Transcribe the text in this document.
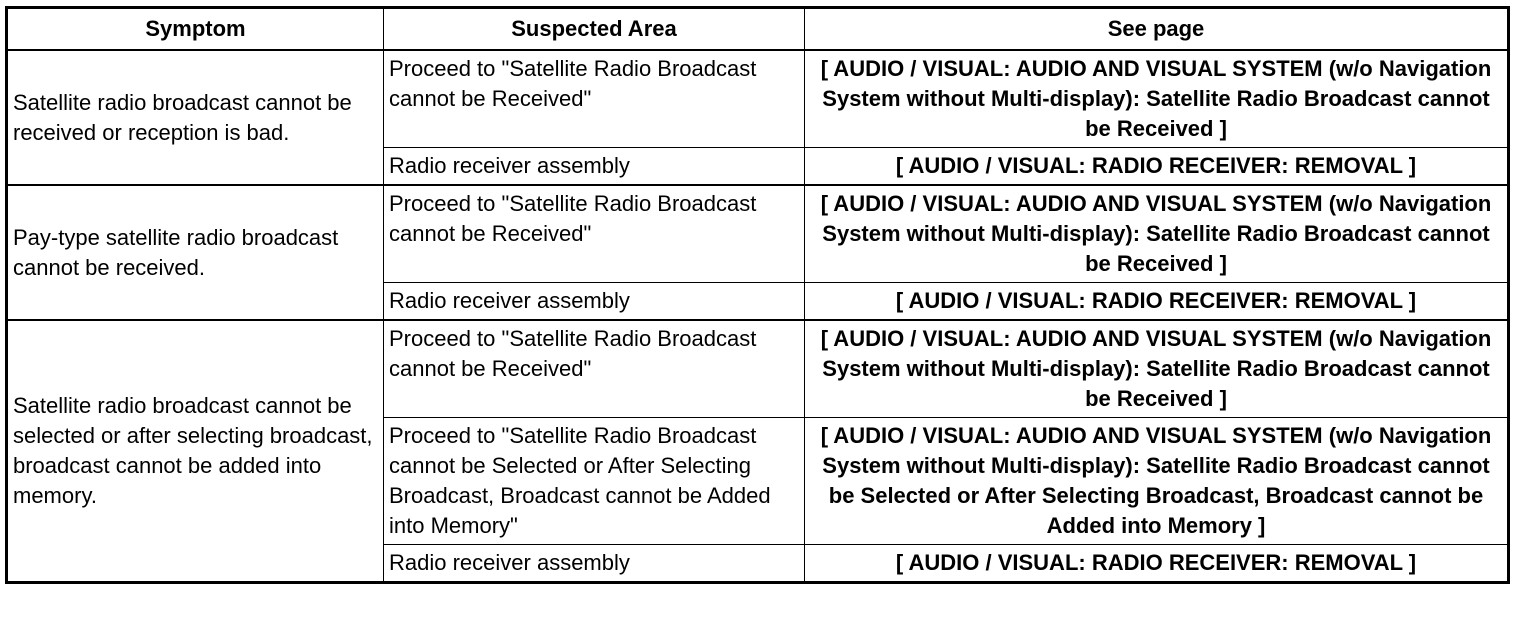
Symptom	Suspected Area	See page
Satellite radio broadcast cannot be received or reception is bad.	Proceed to "Satellite Radio Broadcast cannot be Received"	[ AUDIO / VISUAL: AUDIO AND VISUAL SYSTEM (w/o Navigation System without Multi-display): Satellite Radio Broadcast cannot be Received ]
	Radio receiver assembly	[ AUDIO / VISUAL: RADIO RECEIVER: REMOVAL ]
Pay-type satellite radio broadcast cannot be received.	Proceed to "Satellite Radio Broadcast cannot be Received"	[ AUDIO / VISUAL: AUDIO AND VISUAL SYSTEM (w/o Navigation System without Multi-display): Satellite Radio Broadcast cannot be Received ]
	Radio receiver assembly	[ AUDIO / VISUAL: RADIO RECEIVER: REMOVAL ]
Satellite radio broadcast cannot be selected or after selecting broadcast, broadcast cannot be added into memory.	Proceed to "Satellite Radio Broadcast cannot be Received"	[ AUDIO / VISUAL: AUDIO AND VISUAL SYSTEM (w/o Navigation System without Multi-display): Satellite Radio Broadcast cannot be Received ]
	Proceed to "Satellite Radio Broadcast cannot be Selected or After Selecting Broadcast, Broadcast cannot be Added into Memory"	[ AUDIO / VISUAL: AUDIO AND VISUAL SYSTEM (w/o Navigation System without Multi-display): Satellite Radio Broadcast cannot be Selected or After Selecting Broadcast, Broadcast cannot be Added into Memory ]
	Radio receiver assembly	[ AUDIO / VISUAL: RADIO RECEIVER: REMOVAL ]
